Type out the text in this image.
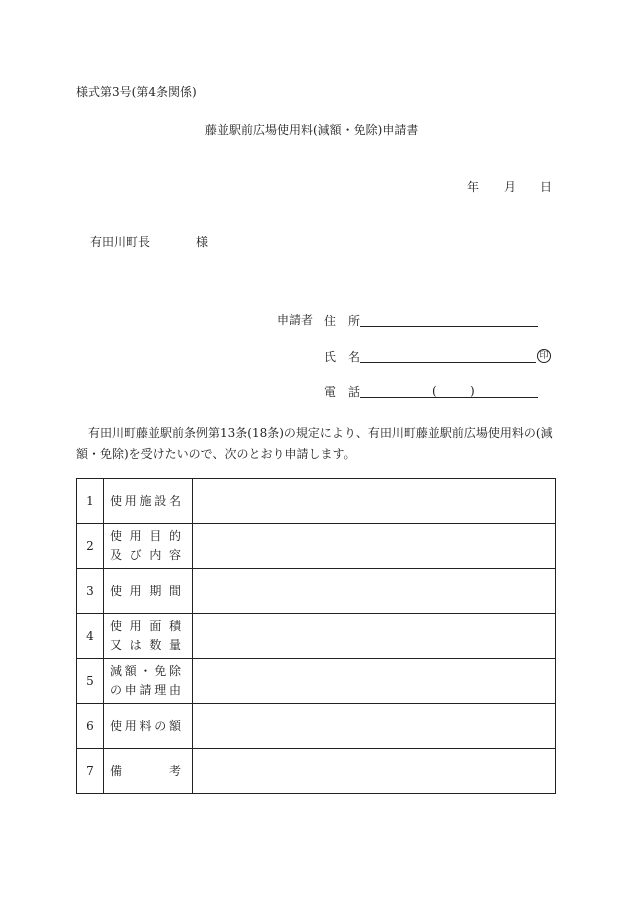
様式第3号(第4条関係)
藤並駅前広場使用料(減額・免除)申請書
年 月 日
有田川町長	様
申請者 住　所
氏　名	印
電　話	(	)
有田川町藤並駅前条例第13条(18条)の規定により、有田川町藤並駅前広場使用料の(減額・免除)を受けたいので、次のとおり申請します。
1	使用施設名	

2	使用目的
及び内容	

3	使用期間	

4	使用面積
又は数量	

5	減額・免除
の申請理由	

6	使用料の額	

7	備考	
